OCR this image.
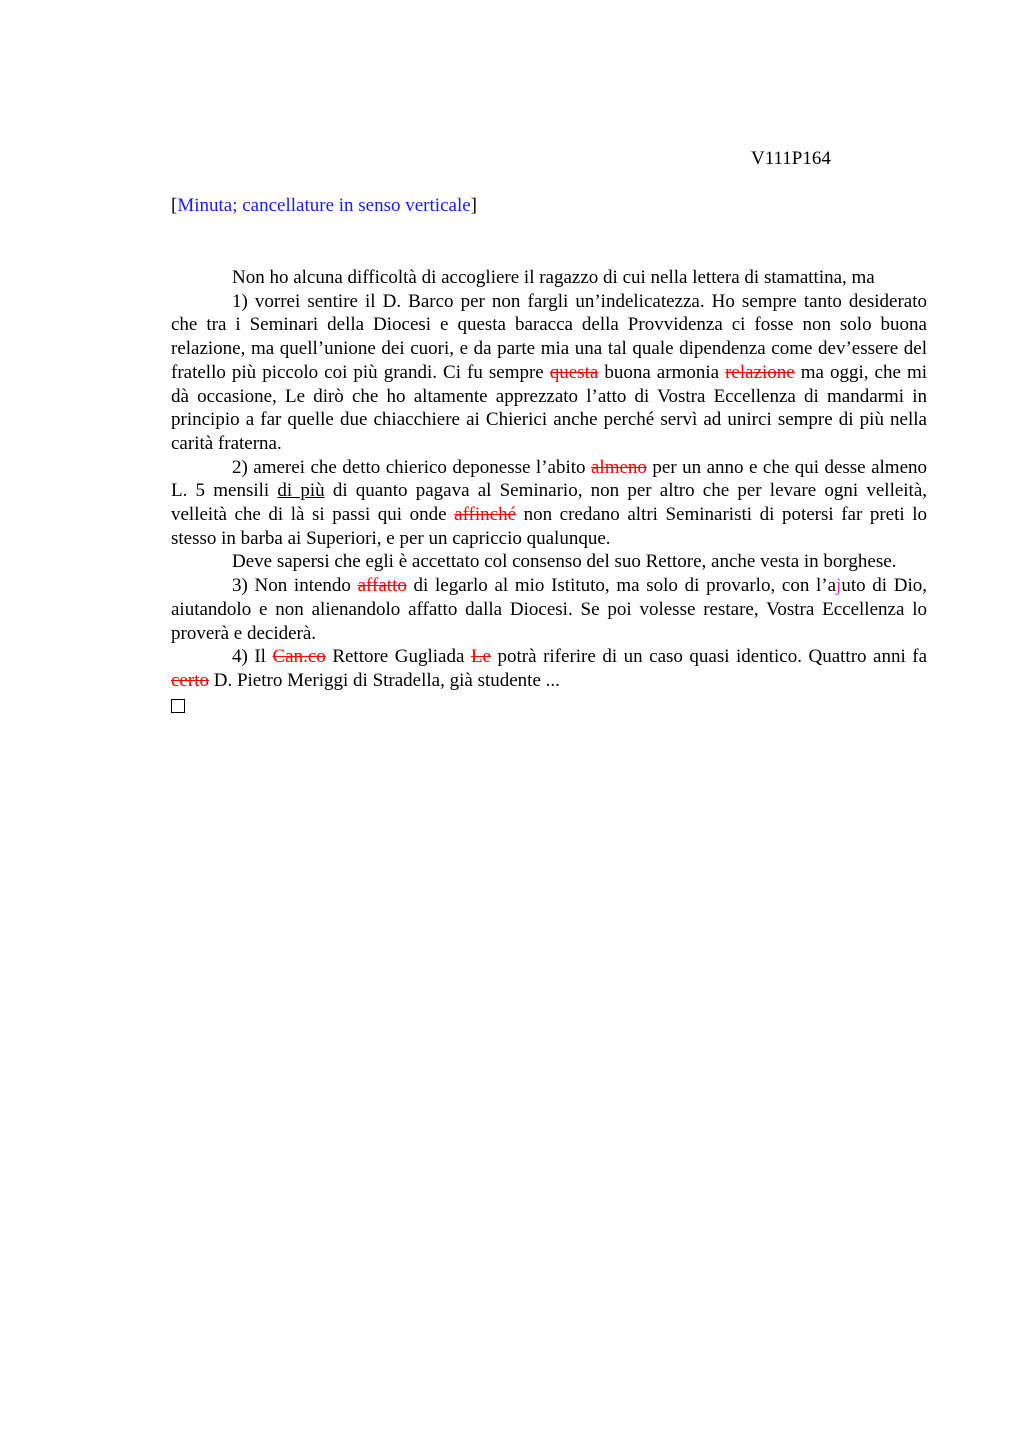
V111P164
[Minuta; cancellature in senso verticale]

Non ho alcuna difficoltà di accogliere il ragazzo di cui nella lettera di stamattina, ma

1) vorrei sentire il D. Barco per non fargli un’indelicatezza. Ho sempre tanto desiderato che tra i Seminari della Diocesi e questa baracca della Provvidenza ci fosse non solo buona relazione, ma quell’unione dei cuori, e da parte mia una tal quale dipendenza come dev’essere del fratello più piccolo coi più grandi. Ci fu sempre questa buona armonia relazione ma oggi, che mi dà occasione, Le dirò che ho altamente apprezzato l’atto di Vostra Eccellenza di mandarmi in principio a far quelle due chiacchiere ai Chierici anche perché servì ad unirci sempre di più nella carità fraterna.

2) amerei che detto chierico deponesse l’abito almeno per un anno e che qui desse almeno L. 5 mensili di più di quanto pagava al Seminario, non per altro che per levare ogni velleità, velleità che di là si passi qui onde affinché non credano altri Seminaristi di potersi far preti lo stesso in barba ai Superiori, e per un capriccio qualunque.

Deve sapersi che egli è accettato col consenso del suo Rettore, anche vesta in borghese.

3) Non intendo affatto di legarlo al mio Istituto, ma solo di provarlo, con l’ajuto di Dio, aiutandolo e non alienandolo affatto dalla Diocesi. Se poi volesse restare, Vostra Eccellenza lo proverà e deciderà.

4) Il Can.co Rettore Gugliada Le potrà riferire di un caso quasi identico. Quattro anni fa certo D. Pietro Meriggi di Stradella, già studente ...
